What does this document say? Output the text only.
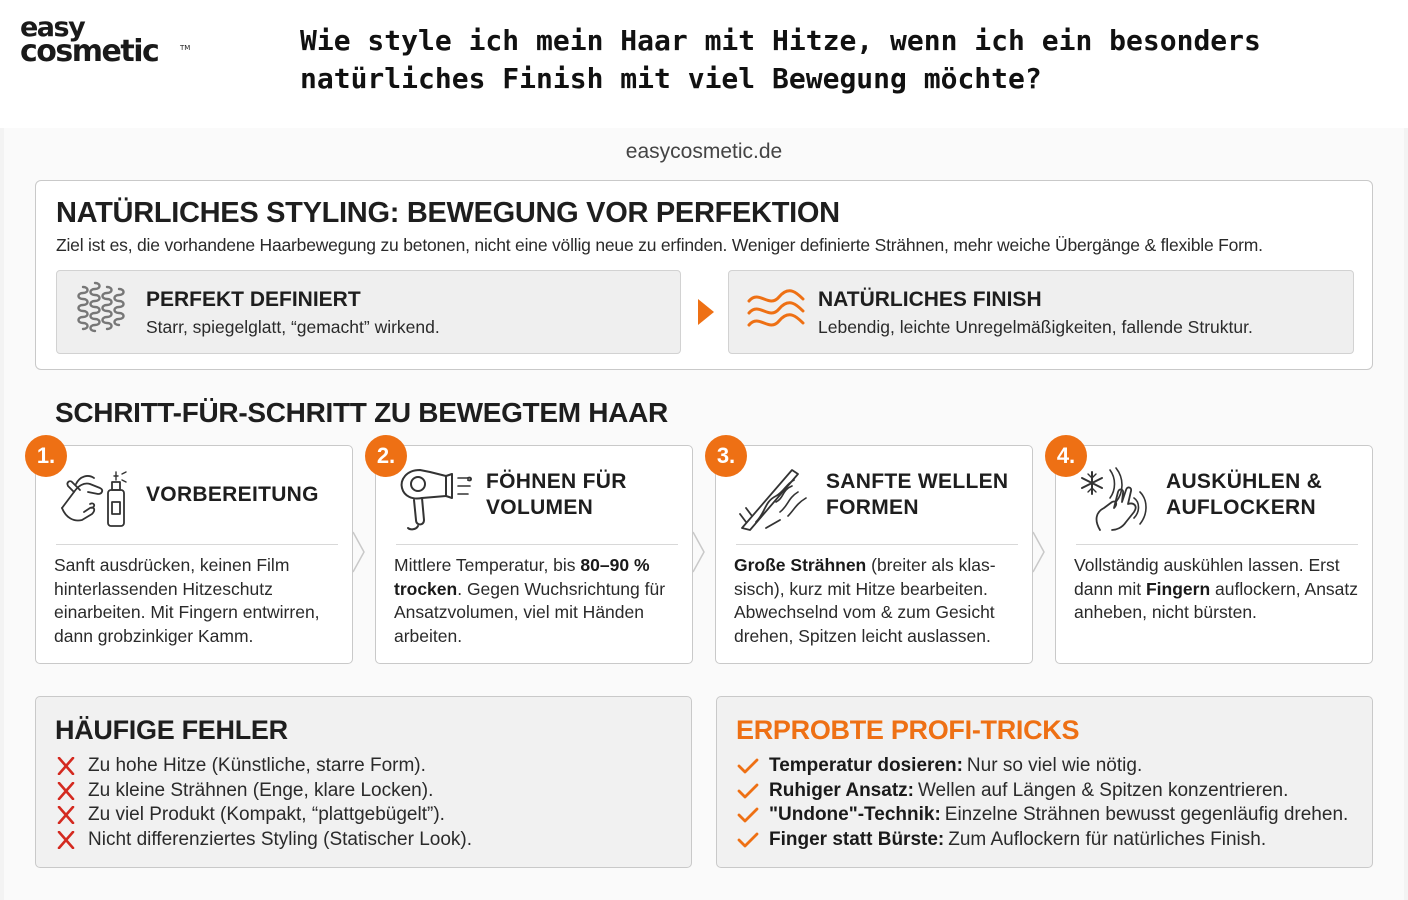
easy
cosmetic	TM	Wie style ich mein Haar mit Hitze, wenn ich ein besonders natürliches Finish mit viel Bewegung möchte?
easycosmetic.de
NATÜRLICHES STYLING: BEWEGUNG VOR PERFEKTION
Ziel ist es, die vorhandene Haarbewegung zu betonen, nicht eine völlig neue zu erfinden. Weniger definierte Strähnen, mehr weiche Übergänge & flexible Form.
PERFEKT DEFINIERT
Starr, spiegelglatt, “gemacht” wirkend.
NATÜRLICHES FINISH
Lebendig, leichte Unregelmäßigkeiten, fallende Struktur.
SCHRITT-FÜR-SCHRITT ZU BEWEGTEM HAAR
1.
VORBEREITUNG
Sanft ausdrücken, keinen Film hinterlassenden Hitzeschutz einarbeiten. Mit Fingern entwirren, dann grobzinkiger Kamm.
2.
FÖHNEN FÜR VOLUMEN
Mittlere Temperatur, bis 80–90 % trocken. Gegen Wuchsrichtung für Ansatzvolumen, viel mit Händen arbeiten.
3.
SANFTE WELLEN FORMEN
Große Strähnen (breiter als klassisch), kurz mit Hitze bearbeiten. Abwechselnd vom & zum Gesicht drehen, Spitzen leicht auslassen.
4.
AUSKÜHLEN & AUFLOCKERN
Vollständig auskühlen lassen. Erst dann mit Fingern auflockern, Ansatz anheben, nicht bürsten.
HÄUFIGE FEHLER
Zu hohe Hitze (Künstliche, starre Form).
Zu kleine Strähnen (Enge, klare Locken).
Zu viel Produkt (Kompakt, “plattgebügelt”).
Nicht differenziertes Styling (Statischer Look).
ERPROBTE PROFI-TRICKS
Temperatur dosieren: Nur so viel wie nötig.
Ruhiger Ansatz: Wellen auf Längen & Spitzen konzentrieren.
"Undone"-Technik: Einzelne Strähnen bewusst gegenläufig drehen.
Finger statt Bürste: Zum Auflockern für natürliches Finish.
